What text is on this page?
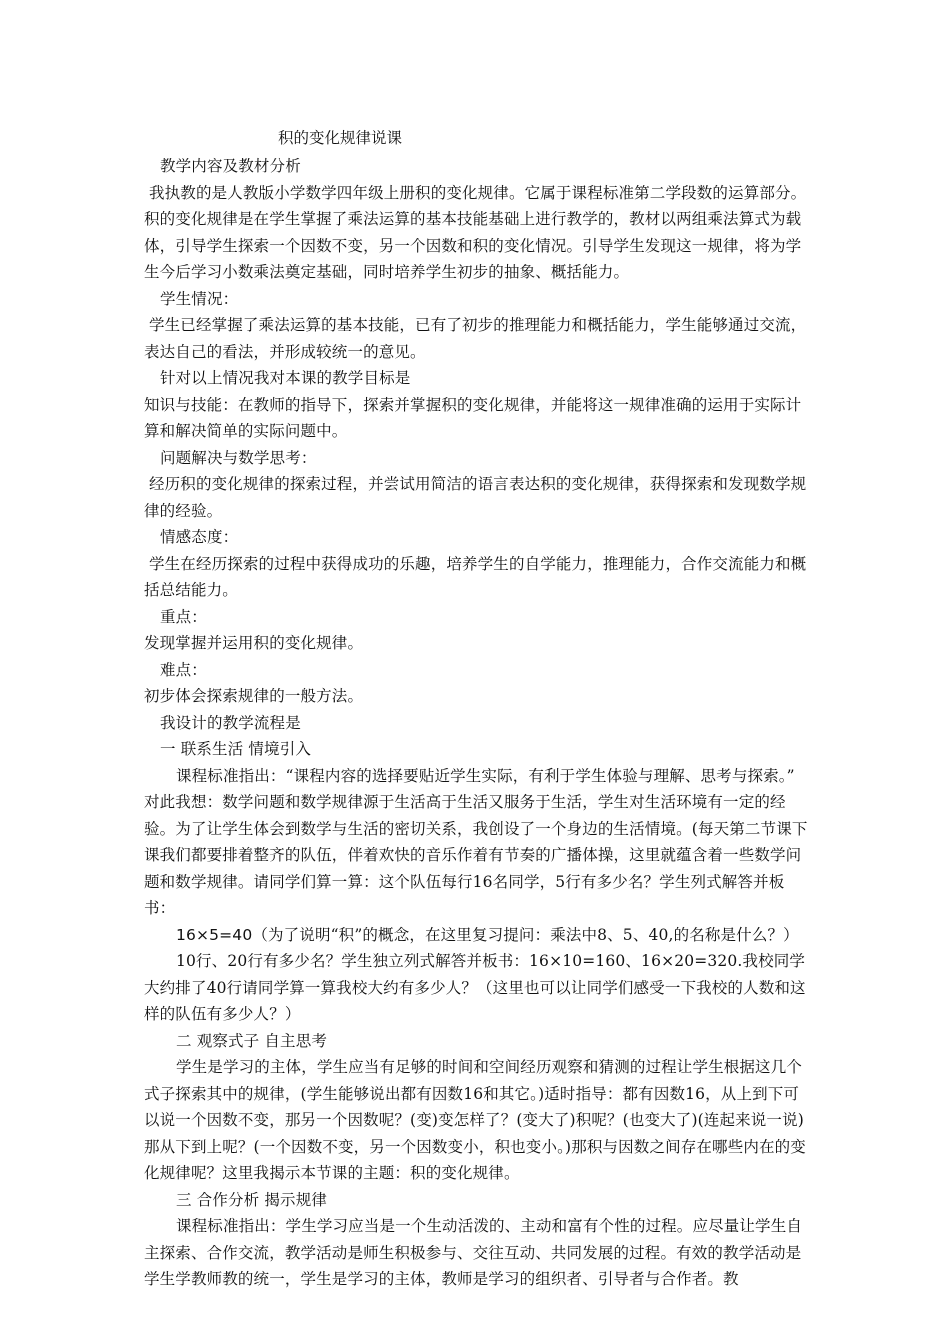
积的变化规律说课

教学内容及教材分析

我执教的是人教版小学数学四年级上册积的变化规律。它属于课程标准第二学段数的运算部分。积的变化规律是在学生掌握了乘法运算的基本技能基础上进行教学的，教材以两组乘法算式为载体，引导学生探索一个因数不变，另一个因数和积的变化情况。引导学生发现这一规律，将为学生今后学习小数乘法奠定基础，同时培养学生初步的抽象、概括能力。

学生情况：

学生已经掌握了乘法运算的基本技能，已有了初步的推理能力和概括能力，学生能够通过交流，表达自己的看法，并形成较统一的意见。

针对以上情况我对本课的教学目标是

知识与技能：在教师的指导下，探索并掌握积的变化规律，并能将这一规律准确的运用于实际计算和解决简单的实际问题中。

问题解决与数学思考：

经历积的变化规律的探索过程，并尝试用简洁的语言表达积的变化规律，获得探索和发现数学规律的经验。

情感态度：

学生在经历探索的过程中获得成功的乐趣，培养学生的自学能力，推理能力，合作交流能力和概括总结能力。

重点：

发现掌握并运用积的变化规律。

难点：

初步体会探索规律的一般方法。

我设计的教学流程是

一 联系生活 情境引入

课程标准指出：“课程内容的选择要贴近学生实际，有利于学生体验与理解、思考与探索。” 对此我想：数学问题和数学规律源于生活高于生活又服务于生活，学生对生活环境有一定的经验。为了让学生体会到数学与生活的密切关系，我创设了一个身边的生活情境。(每天第二节课下课我们都要排着整齐的队伍，伴着欢快的音乐作着有节奏的广播体操，这里就蕴含着一些数学问题和数学规律。请同学们算一算：这个队伍每行16名同学，5行有多少名？学生列式解答并板书：

16×5=40（为了说明“积”的概念，在这里复习提问：乘法中8、5、40,的名称是什么？）

10行、20行有多少名？学生独立列式解答并板书：16×10=160、16×20=320.我校同学大约排了40行请同学算一算我校大约有多少人？（这里也可以让同学们感受一下我校的人数和这样的队伍有多少人？）

二 观察式子 自主思考

学生是学习的主体，学生应当有足够的时间和空间经历观察和猜测的过程让学生根据这几个式子探索其中的规律，(学生能够说出都有因数16和其它。)适时指导：都有因数16，从上到下可以说一个因数不变，那另一个因数呢？(变)变怎样了？(变大了)积呢？(也变大了)(连起来说一说)那从下到上呢？(一个因数不变，另一个因数变小，积也变小。)那积与因数之间存在哪些内在的变化规律呢？这里我揭示本节课的主题：积的变化规律。

三 合作分析 揭示规律

课程标准指出：学生学习应当是一个生动活泼的、主动和富有个性的过程。应尽量让学生自主探索、合作交流，教学活动是师生积极参与、交往互动、共同发展的过程。有效的教学活动是学生学教师教的统一，学生是学习的主体，教师是学习的组织者、引导者与合作者。教
